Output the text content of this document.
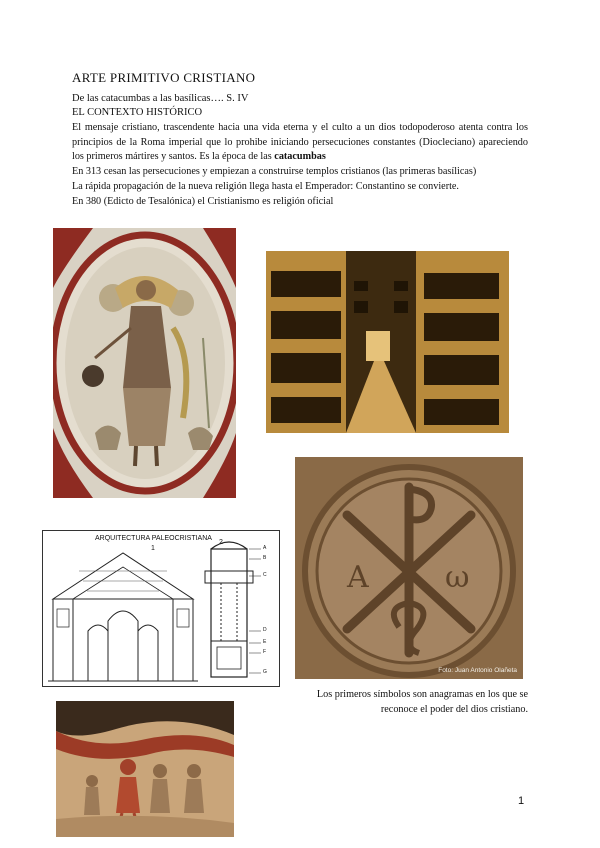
ARTE PRIMITIVO CRISTIANO
De las catacumbas a las basílicas…. S. IV
EL CONTEXTO HISTÓRICO
El mensaje cristiano, trascendente hacia una vida eterna y el culto a un dios todopoderoso atenta contra los principios de la Roma imperial que lo prohibe iniciando persecuciones constantes (Diocleciano) apareciendo los primeros mártires y santos. Es la época de las catacumbas
En 313 cesan las persecuciones y empiezan a construirse templos cristianos (las primeras basílicas)
La rápida propagación de la nueva religión llega hasta el Emperador: Constantino se convierte.
En 380 (Edicto de Tesalónica) el Cristianismo es religión oficial
A	ω
Foto: Juan Antonio Olañeta
ARQUITECTURA PALEOCRISTIANA
1
2
A
B
C
D
E
F
G
Los primeros símbolos son anagramas en los que se reconoce el poder del dios cristiano.
1
